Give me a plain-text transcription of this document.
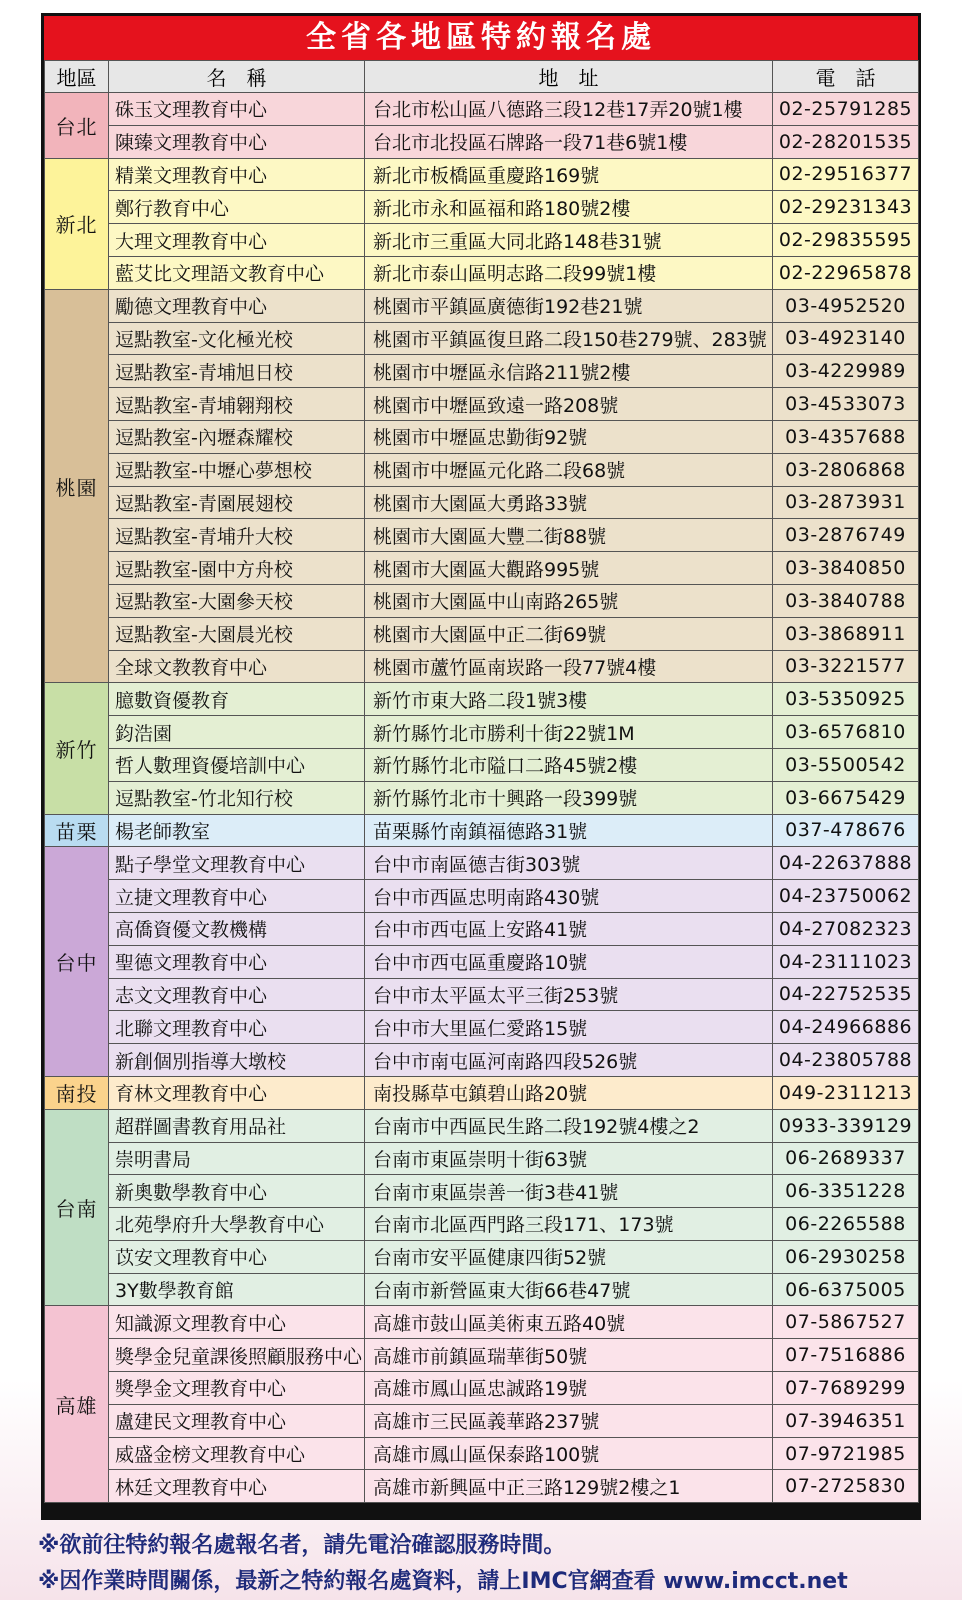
全省各地區特約報名處
地區	名　稱	地　址	電　話
台北	硃玉文理教育中心	台北市松山區八德路三段12巷17弄20號1樓	02-25791285
	陳臻文理教育中心	台北市北投區石牌路一段71巷6號1樓	02-28201535
新北	精業文理教育中心	新北市板橋區重慶路169號	02-29516377
	鄭行教育中心	新北市永和區福和路180號2樓	02-29231343
	大理文理教育中心	新北市三重區大同北路148巷31號	02-29835595
	藍艾比文理語文教育中心	新北市泰山區明志路二段99號1樓	02-22965878
桃園	勵德文理教育中心	桃園市平鎮區廣德街192巷21號	03-4952520
	逗點教室-文化極光校	桃園市平鎮區復旦路二段150巷279號、283號	03-4923140
	逗點教室-青埔旭日校	桃園市中壢區永信路211號2樓	03-4229989
	逗點教室-青埔翱翔校	桃園市中壢區致遠一路208號	03-4533073
	逗點教室-內壢森耀校	桃園市中壢區忠勤街92號	03-4357688
	逗點教室-中壢心夢想校	桃園市中壢區元化路二段68號	03-2806868
	逗點教室-青園展翅校	桃園市大園區大勇路33號	03-2873931
	逗點教室-青埔升大校	桃園市大園區大豐二街88號	03-2876749
	逗點教室-園中方舟校	桃園市大園區大觀路995號	03-3840850
	逗點教室-大園參天校	桃園市大園區中山南路265號	03-3840788
	逗點教室-大園晨光校	桃園市大園區中正二街69號	03-3868911
	全球文教教育中心	桃園市蘆竹區南崁路一段77號4樓	03-3221577
新竹	臆數資優教育	新竹市東大路二段1號3樓	03-5350925
	鈞浩園	新竹縣竹北市勝利十街22號1M	03-6576810
	哲人數理資優培訓中心	新竹縣竹北市隘口二路45號2樓	03-5500542
	逗點教室-竹北知行校	新竹縣竹北市十興路一段399號	03-6675429
苗栗	楊老師教室	苗栗縣竹南鎮福德路31號	037-478676
台中	點子學堂文理教育中心	台中市南區德吉街303號	04-22637888
	立捷文理教育中心	台中市西區忠明南路430號	04-23750062
	高僑資優文教機構	台中市西屯區上安路41號	04-27082323
	聖德文理教育中心	台中市西屯區重慶路10號	04-23111023
	志文文理教育中心	台中市太平區太平三街253號	04-22752535
	北聯文理教育中心	台中市大里區仁愛路15號	04-24966886
	新創個別指導大墩校	台中市南屯區河南路四段526號	04-23805788
南投	育林文理教育中心	南投縣草屯鎮碧山路20號	049-2311213
台南	超群圖書教育用品社	台南市中西區民生路二段192號4樓之2	0933-339129
	崇明書局	台南市東區崇明十街63號	06-2689337
	新奧數學教育中心	台南市東區崇善一街3巷41號	06-3351228
	北苑學府升大學教育中心	台南市北區西門路三段171、173號	06-2265588
	苡安文理教育中心	台南市安平區健康四街52號	06-2930258
	3Y數學教育館	台南市新營區東大街66巷47號	06-6375005
高雄	知識源文理教育中心	高雄市鼓山區美術東五路40號	07-5867527
	獎學金兒童課後照顧服務中心	高雄市前鎮區瑞華街50號	07-7516886
	獎學金文理教育中心	高雄市鳳山區忠誠路19號	07-7689299
	盧建民文理教育中心	高雄市三民區義華路237號	07-3946351
	威盛金榜文理教育中心	高雄市鳳山區保泰路100號	07-9721985
	林廷文理教育中心	高雄市新興區中正三路129號2樓之1	07-2725830
※欲前往特約報名處報名者，請先電洽確認服務時間。
※因作業時間關係，最新之特約報名處資料，請上IMC官網查看 www.imcct.net
